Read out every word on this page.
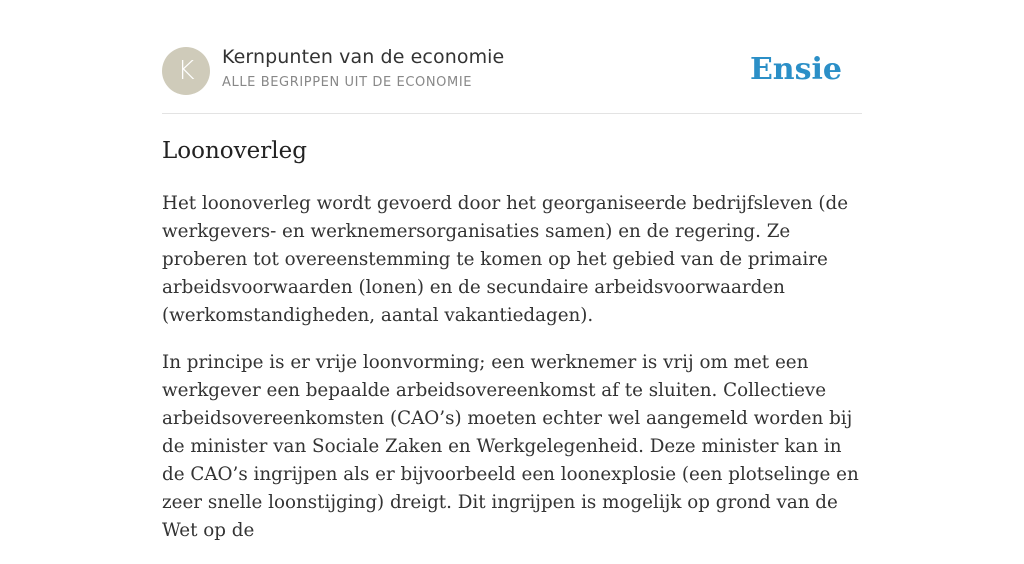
K	Kernpunten van de economie
ALLE BEGRIPPEN UIT DE ECONOMIE	Ensie
Loonoverleg

Het loonoverleg wordt gevoerd door het georganiseerde bedrijfsleven (de werkgevers- en werknemersorganisaties samen) en de regering. Ze proberen tot overeenstemming te komen op het gebied van de primaire arbeidsvoorwaarden (lonen) en de secundaire arbeidsvoorwaarden (werkomstandigheden, aantal vakantiedagen).

In principe is er vrije loonvorming; een werknemer is vrij om met een werkgever een bepaalde arbeidsovereenkomst af te sluiten. Collectieve arbeidsovereenkomsten (CAO’s) moeten echter wel aangemeld worden bij de minister van Sociale Zaken en Werkgelegenheid. Deze minister kan in de CAO’s ingrijpen als er bijvoorbeeld een loonexplosie (een plotselinge en zeer snelle loonstijging) dreigt. Dit ingrijpen is mogelijk op grond van de Wet op de
